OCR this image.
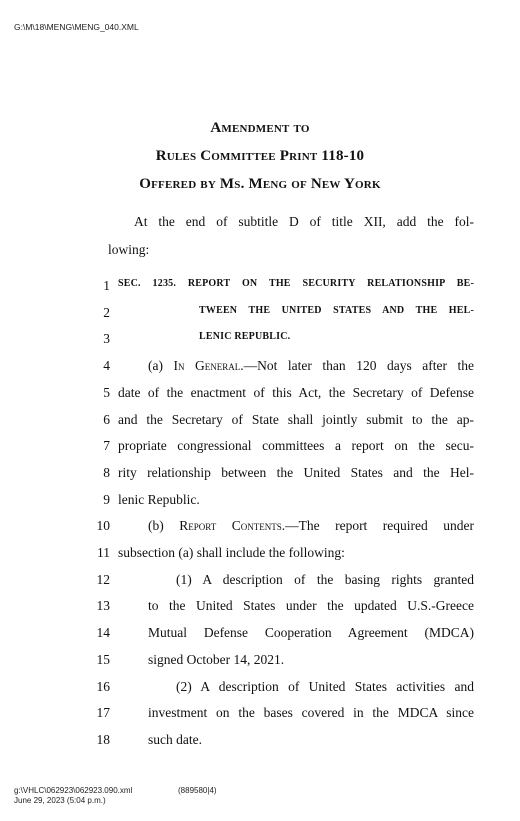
G:\M\18\MENG\MENG_040.XML
Amendment to
Rules Committee Print 118-10
Offered by Ms. Meng of New York
At the end of subtitle D of title XII, add the fol-
lowing:
1 SEC. 1235. REPORT ON THE SECURITY RELATIONSHIP BE-
2	TWEEN THE UNITED STATES AND THE HEL-
3	LENIC REPUBLIC.
4	(a) In General.—Not later than 120 days after the
5 date of the enactment of this Act, the Secretary of Defense
6 and the Secretary of State shall jointly submit to the ap-
7 propriate congressional committees a report on the secu-
8 rity relationship between the United States and the Hel-
9 lenic Republic.
10	(b) Report Contents.—The report required under
11 subsection (a) shall include the following:
12	(1) A description of the basing rights granted
13	to the United States under the updated U.S.-Greece
14	Mutual Defense Cooperation Agreement (MDCA)
15	signed October 14, 2021.
16	(2) A description of United States activities and
17	investment on the bases covered in the MDCA since
18	such date.
g:\VHLC\062923\062923.090.xml	(889580|4)
June 29, 2023 (5:04 p.m.)
